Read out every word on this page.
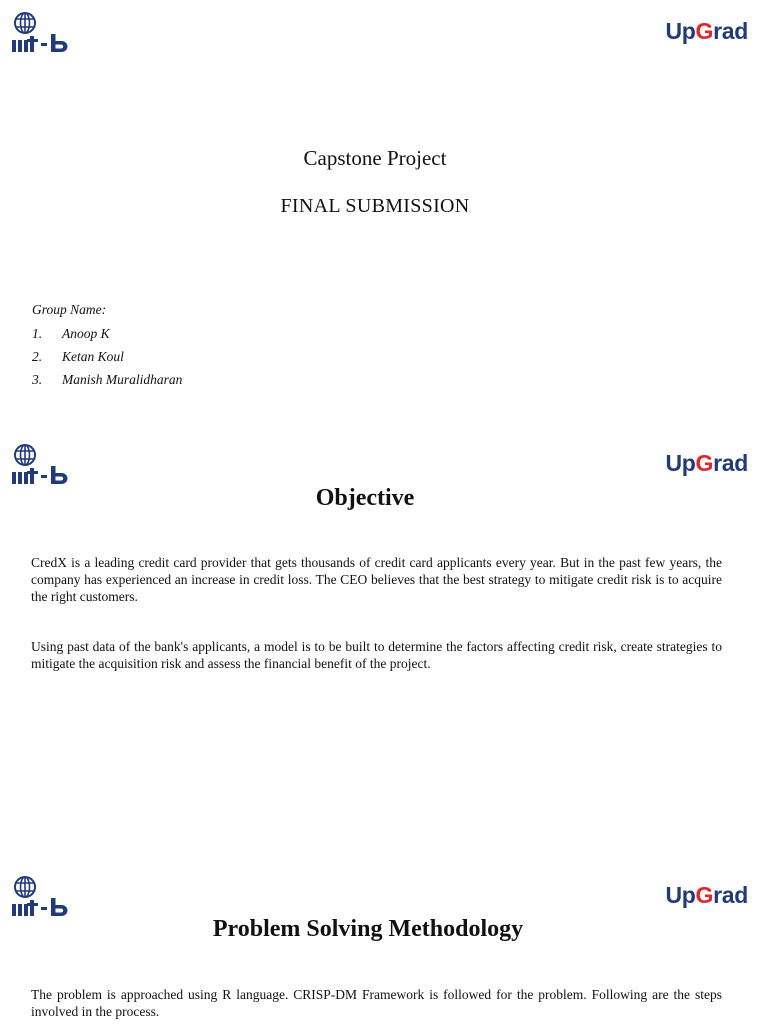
UpGrad
Capstone Project
FINAL SUBMISSION
Group Name:
1.	Anoop K
2.	Ketan Koul
3.	Manish Muralidharan
UpGrad
Objective

CredX is a leading credit card provider that gets thousands of credit card applicants every year. But in the past few years, the company has experienced an increase in credit loss. The CEO believes that the best strategy to mitigate credit risk is to acquire the right customers.

Using past data of the bank's applicants, a model is to be built to determine the factors affecting credit risk, create strategies to mitigate the acquisition risk and assess the financial benefit of the project.

UpGrad
Problem Solving Methodology

The problem is approached using R language. CRISP-DM Framework is followed for the problem. Following are the steps involved in the process.
